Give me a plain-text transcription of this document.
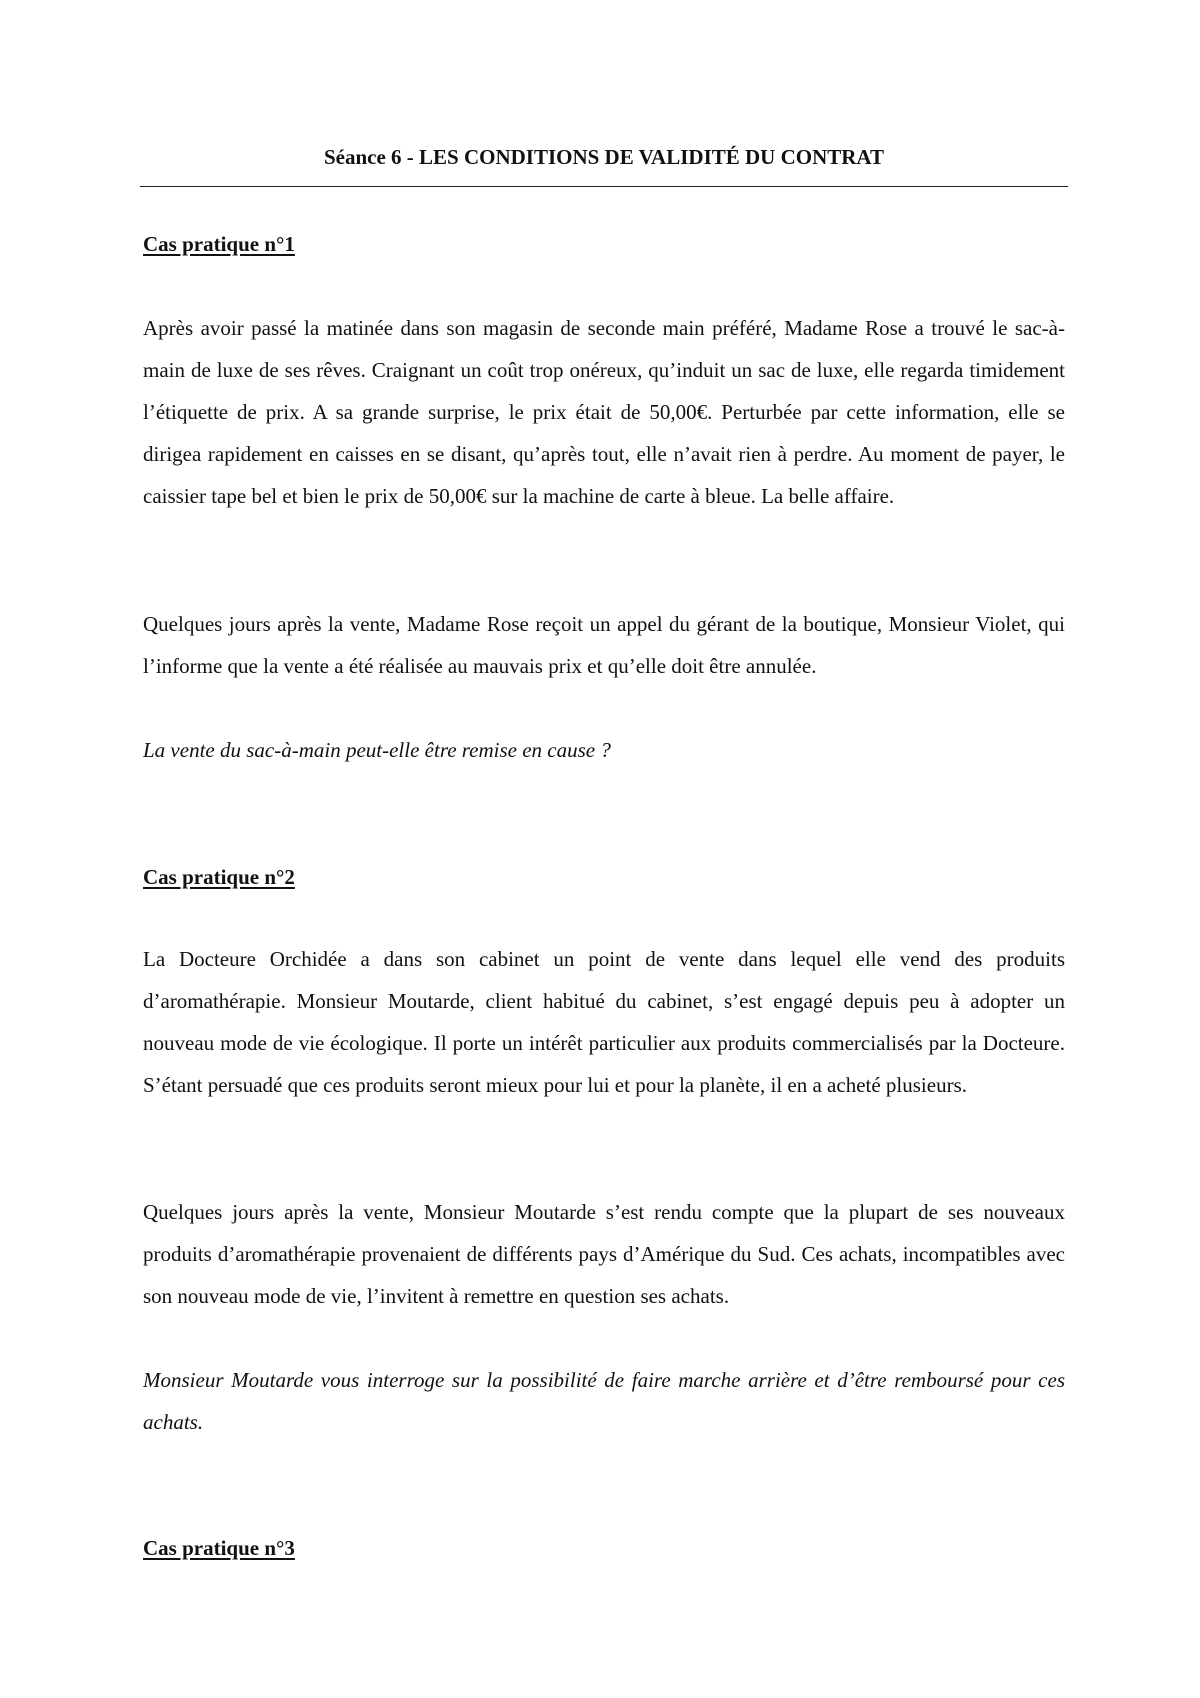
Séance 6 - LES CONDITIONS DE VALIDITÉ DU CONTRAT
Cas pratique n°1

Après avoir passé la matinée dans son magasin de seconde main préféré, Madame Rose a trouvé le sac-à-main de luxe de ses rêves. Craignant un coût trop onéreux, qu’induit un sac de luxe, elle regarda timidement l’étiquette de prix. A sa grande surprise, le prix était de 50,00€. Perturbée par cette information, elle se dirigea rapidement en caisses en se disant, qu’après tout, elle n’avait rien à perdre. Au moment de payer, le caissier tape bel et bien le prix de 50,00€ sur la machine de carte à bleue. La belle affaire.

Quelques jours après la vente, Madame Rose reçoit un appel du gérant de la boutique, Monsieur Violet, qui l’informe que la vente a été réalisée au mauvais prix et qu’elle doit être annulée.

La vente du sac-à-main peut-elle être remise en cause ?

Cas pratique n°2

La Docteure Orchidée a dans son cabinet un point de vente dans lequel elle vend des produits d’aromathérapie. Monsieur Moutarde, client habitué du cabinet, s’est engagé depuis peu à adopter un nouveau mode de vie écologique. Il porte un intérêt particulier aux produits commercialisés par la Docteure. S’étant persuadé que ces produits seront mieux pour lui et pour la planète, il en a acheté plusieurs.

Quelques jours après la vente, Monsieur Moutarde s’est rendu compte que la plupart de ses nouveaux produits d’aromathérapie provenaient de différents pays d’Amérique du Sud. Ces achats, incompatibles avec son nouveau mode de vie, l’invitent à remettre en question ses achats.

Monsieur Moutarde vous interroge sur la possibilité de faire marche arrière et d’être remboursé pour ces achats.

Cas pratique n°3
